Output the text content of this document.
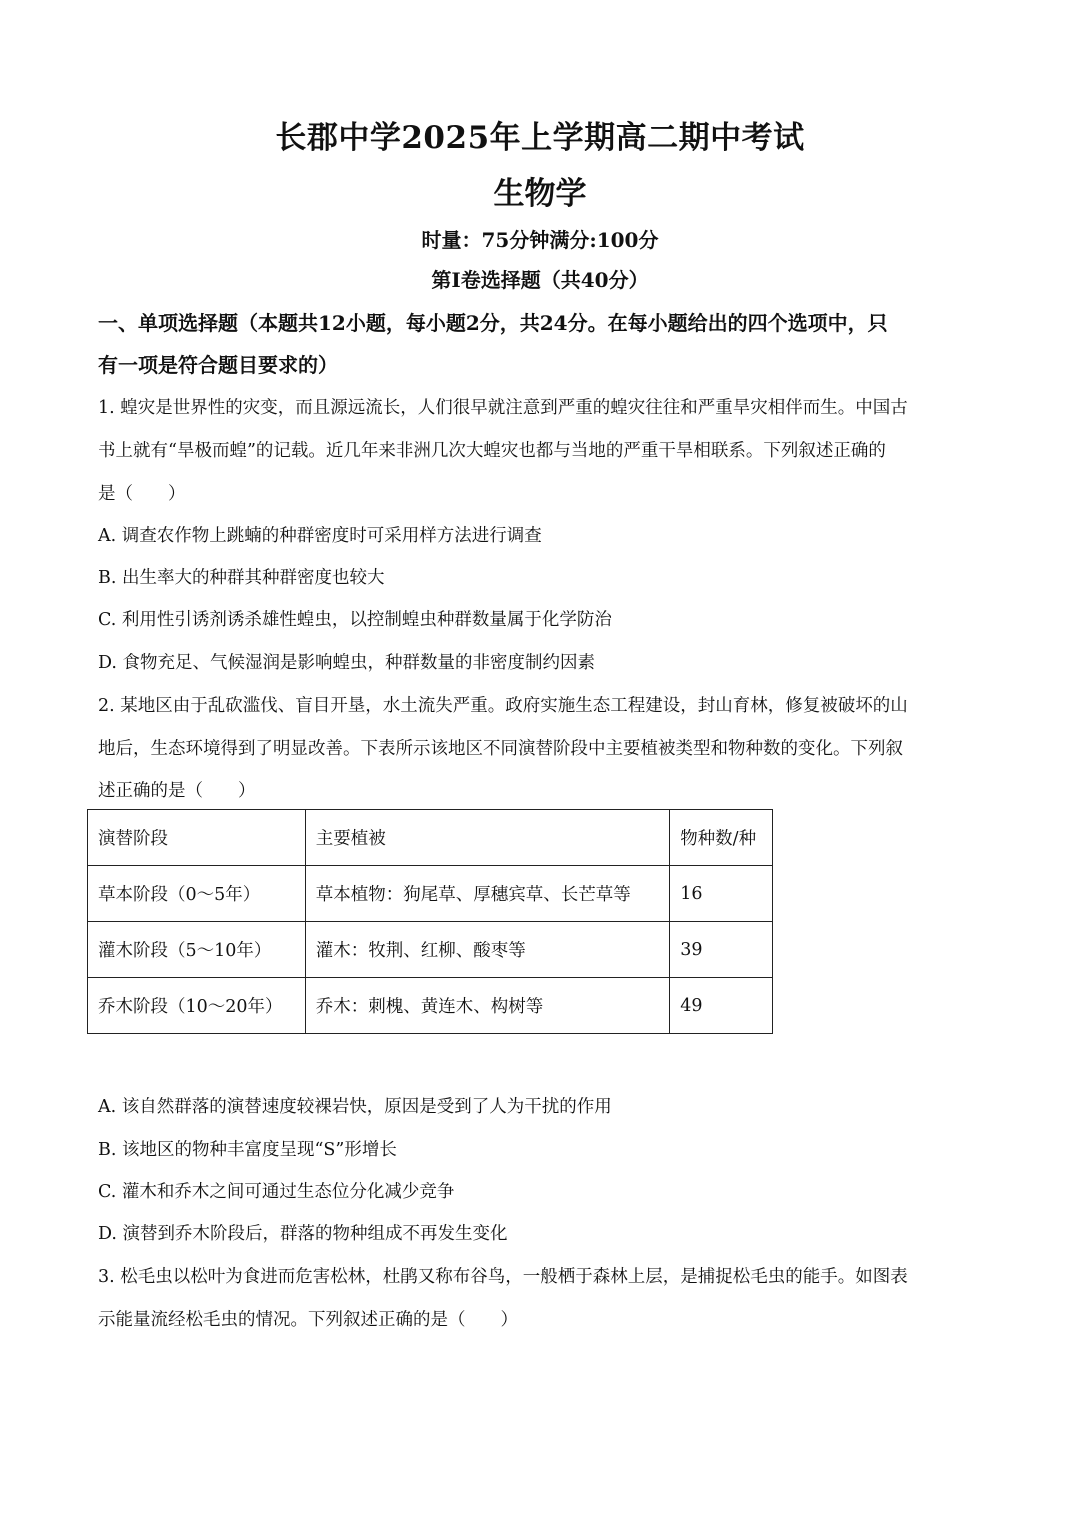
长郡中学2025年上学期高二期中考试
生物学
时量：75分钟满分:100分
第Ⅰ卷选择题（共40分）
一、单项选择题（本题共12小题，每小题2分，共24分。在每小题给出的四个选项中，只
有一项是符合题目要求的）
1. 蝗灾是世界性的灾变，而且源远流长，人们很早就注意到严重的蝗灾往往和严重旱灾相伴而生。中国古
书上就有“旱极而蝗”的记载。近几年来非洲几次大蝗灾也都与当地的严重干旱相联系。下列叙述正确的
是（　　）
A. 调查农作物上跳蝻的种群密度时可采用样方法进行调查
B. 出生率大的种群其种群密度也较大
C. 利用性引诱剂诱杀雄性蝗虫，以控制蝗虫种群数量属于化学防治
D. 食物充足、气候湿润是影响蝗虫，种群数量的非密度制约因素
2. 某地区由于乱砍滥伐、盲目开垦，水土流失严重。政府实施生态工程建设，封山育林，修复被破坏的山
地后，生态环境得到了明显改善。下表所示该地区不同演替阶段中主要植被类型和物种数的变化。下列叙
述正确的是（　　）
演替阶段	主要植被	物种数/种
草本阶段（0～5年）	草本植物：狗尾草、厚穗宾草、长芒草等	16
灌木阶段（5～10年）	灌木：牧荆、红柳、酸枣等	39
乔木阶段（10～20年）	乔木：刺槐、黄连木、构树等	49
A. 该自然群落的演替速度较裸岩快，原因是受到了人为干扰的作用
B. 该地区的物种丰富度呈现“S”形增长
C. 灌木和乔木之间可通过生态位分化减少竞争
D. 演替到乔木阶段后，群落的物种组成不再发生变化
3. 松毛虫以松叶为食进而危害松林，杜鹃又称布谷鸟，一般栖于森林上层，是捕捉松毛虫的能手。如图表
示能量流经松毛虫的情况。下列叙述正确的是（　　）
